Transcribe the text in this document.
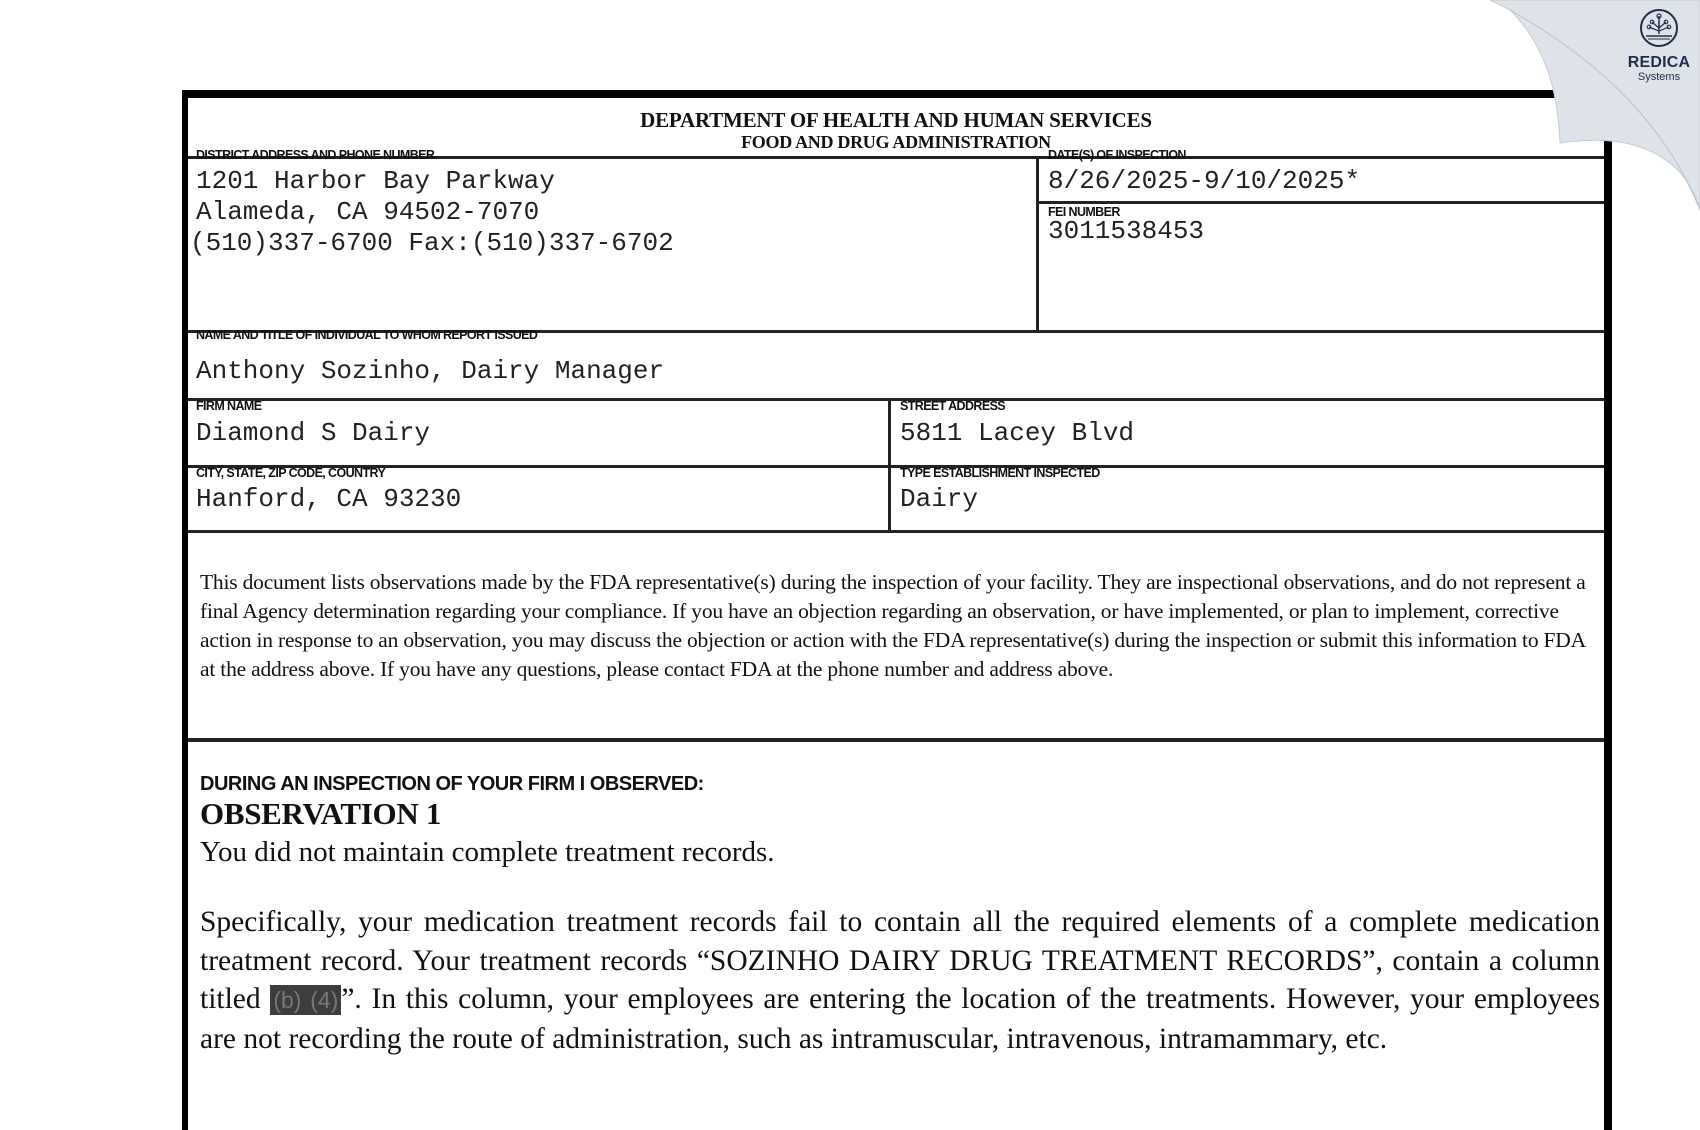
DEPARTMENT OF HEALTH AND HUMAN SERVICES
FOOD AND DRUG ADMINISTRATION
DISTRICT ADDRESS AND PHONE NUMBER
1201 Harbor Bay Parkway
Alameda, CA 94502-7070
(510)337-6700 Fax:(510)337-6702
DATE(S) OF INSPECTION
8/26/2025-9/10/2025*
FEI NUMBER
3011538453
NAME AND TITLE OF INDIVIDUAL TO WHOM REPORT ISSUED
Anthony Sozinho, Dairy Manager
FIRM NAME
Diamond S Dairy
STREET ADDRESS
5811 Lacey Blvd
CITY, STATE, ZIP CODE, COUNTRY
Hanford, CA 93230
TYPE ESTABLISHMENT INSPECTED
Dairy
This document lists observations made by the FDA representative(s) during the inspection of your facility. They are inspectional observations, and do not represent a final Agency determination regarding your compliance. If you have an objection regarding an observation, or have implemented, or plan to implement, corrective action in response to an observation, you may discuss the objection or action with the FDA representative(s) during the inspection or submit this information to FDA at the address above. If you have any questions, please contact FDA at the phone number and address above.
DURING AN INSPECTION OF YOUR FIRM I OBSERVED:
OBSERVATION 1
You did not maintain complete treatment records.
Specifically, your medication treatment records fail to contain all the required elements of a complete medication treatment record. Your treatment records “SOZINHO DAIRY DRUG TREATMENT RECORDS”, contain a column titled (b) (4) ”. In this column, your employees are entering the location of the treatments. However, your employees are not recording the route of administration, such as intramuscular, intravenous, intramammary, etc.
REDICA
Systems
